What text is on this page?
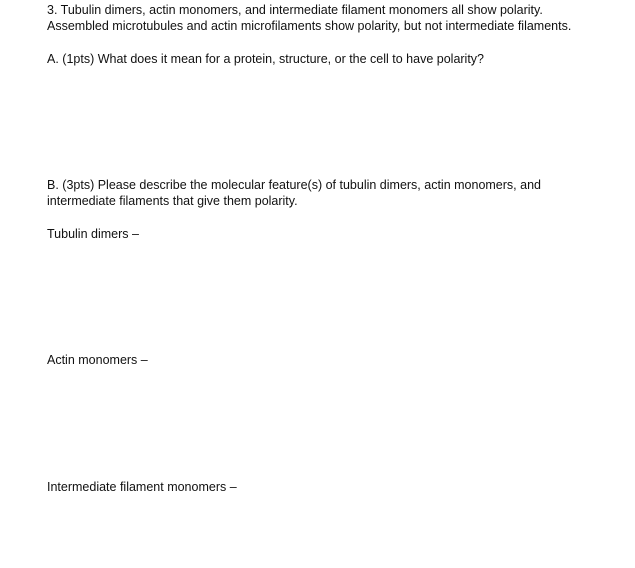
3. Tubulin dimers, actin monomers, and intermediate filament monomers all show polarity.

Assembled microtubules and actin microfilaments show polarity, but not intermediate filaments.

A. (1pts) What does it mean for a protein, structure, or the cell to have polarity?

B. (3pts) Please describe the molecular feature(s) of tubulin dimers, actin monomers, and

intermediate filaments that give them polarity.

Tubulin dimers –

Actin monomers –

Intermediate filament monomers –
